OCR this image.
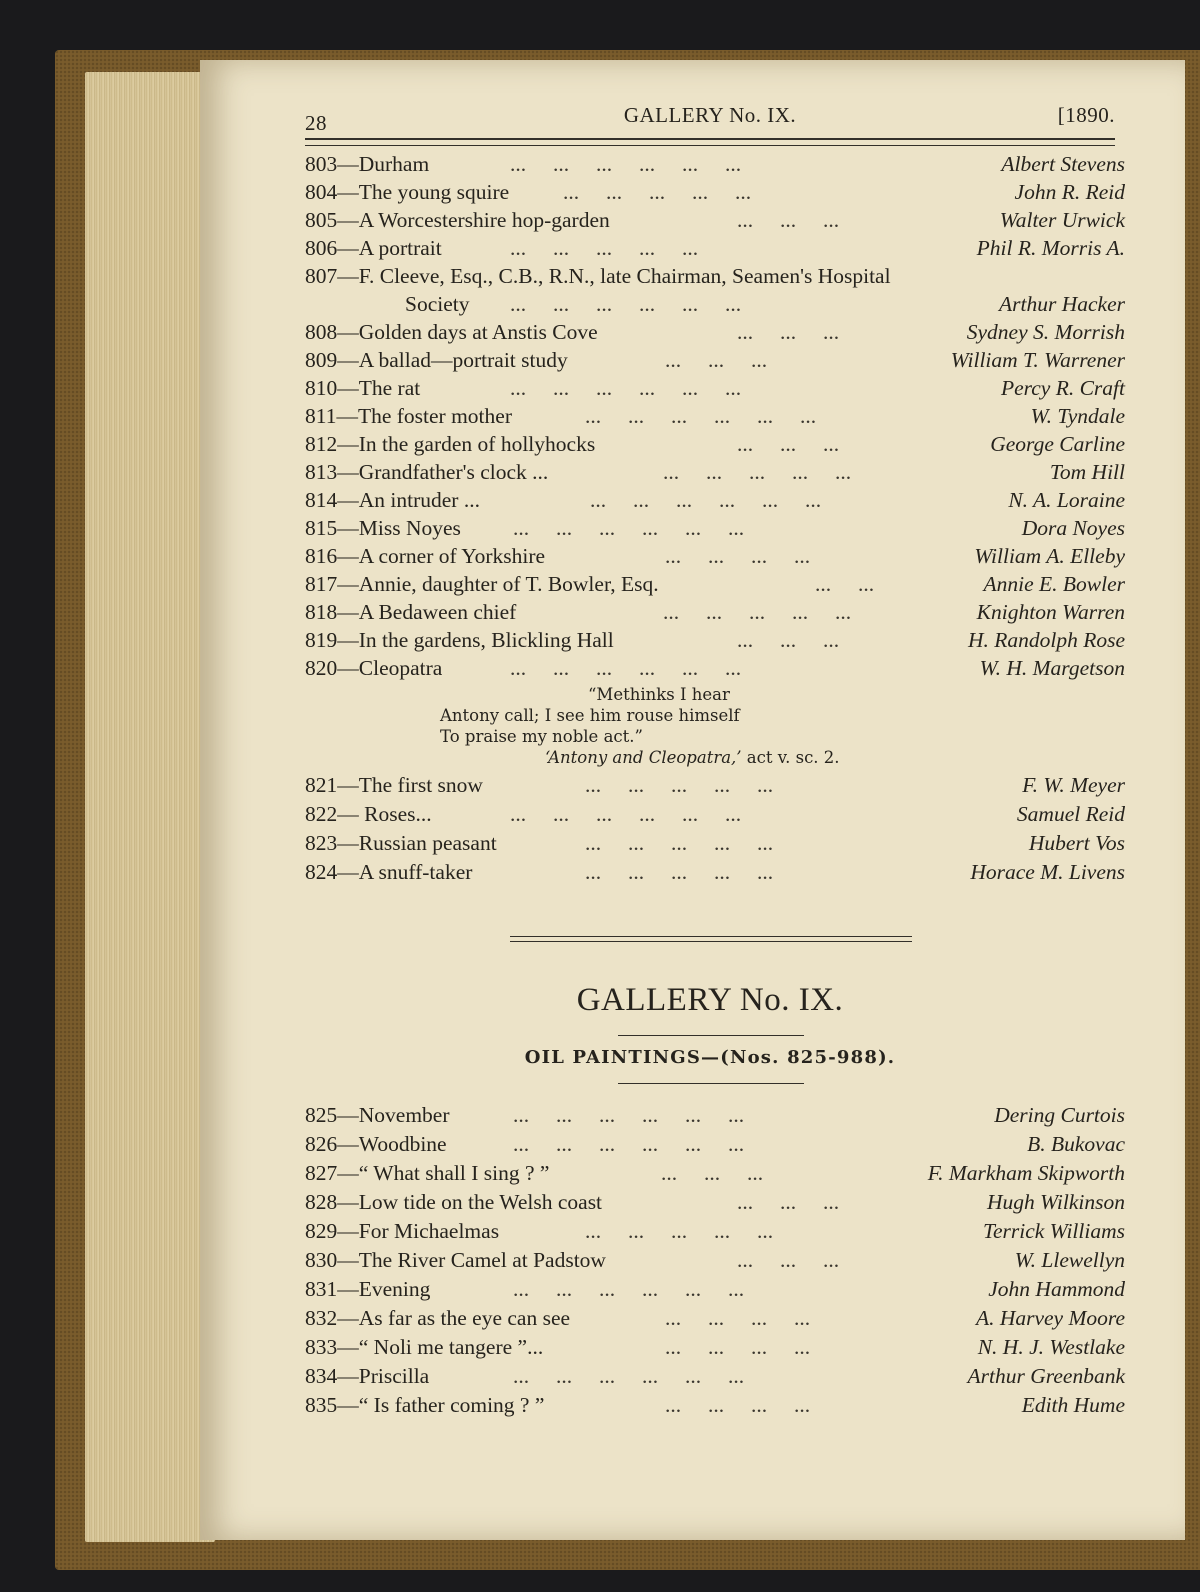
28	GALLERY No. IX.	[1890.
803—Durham	...     ...     ...     ...     ...     ...	Albert Stevens
804—The young squire	...     ...     ...     ...     ...	John R. Reid
805—A Worcestershire hop-garden	...     ...     ...	Walter Urwick
806—A portrait	...     ...     ...     ...     ...	Phil R. Morris A.
807—F. Cleeve, Esq., C.B., R.N., late Chairman, Seamen's Hospital
Society ...     ...     ...     ...     ...     ...	Arthur Hacker
808—Golden days at Anstis Cove	...     ...     ...	Sydney S. Morrish
809—A ballad—portrait study	...     ...     ...	William T. Warrener
810—The rat	...     ...     ...     ...     ...     ...	Percy R. Craft
811—The foster mother	...     ...     ...     ...     ...     ...	W. Tyndale
812—In the garden of hollyhocks	...     ...     ...	George Carline
813—Grandfather's clock ...	...     ...     ...     ...     ...	Tom Hill
814—An intruder ...	...     ...     ...     ...     ...     ...	N. A. Loraine
815—Miss Noyes ...     ...     ...     ...     ...     ...	Dora Noyes
816—A corner of Yorkshire	...     ...     ...     ...	William A. Elleby
817—Annie, daughter of T. Bowler, Esq.	...     ...	Annie E. Bowler
818—A Bedaween chief	...     ...     ...     ...     ...	Knighton Warren
819—In the gardens, Blickling Hall	...     ...     ...	H. Randolph Rose
820—Cleopatra	...     ...     ...     ...     ...     ...	W. H. Margetson
“Methinks I hear
Antony call; I see him rouse himself
To praise my noble act.”
‘Antony and Cleopatra,’ act v. sc. 2.
821—The first snow	...     ...     ...     ...     ...	F. W. Meyer
822— Roses...	...     ...     ...     ...     ...     ...	Samuel Reid
823—Russian peasant	...     ...     ...     ...     ...	Hubert Vos
824—A snuff-taker	...     ...     ...     ...     ...	Horace M. Livens
GALLERY No. IX.
OIL PAINTINGS—(Nos. 825-988).
825—November	...     ...     ...     ...     ...     ...	Dering Curtois
826—Woodbine	...     ...     ...     ...     ...     ...	B. Bukovac
827—“ What shall I sing ? ”	...     ...     ...	F. Markham Skipworth
828—Low tide on the Welsh coast	...     ...     ...	Hugh Wilkinson
829—For Michaelmas	...     ...     ...     ...     ...	Terrick Williams
830—The River Camel at Padstow	...     ...     ...	W. Llewellyn
831—Evening	...     ...     ...     ...     ...     ...	John Hammond
832—As far as the eye can see	...     ...     ...     ...	A. Harvey Moore
833—“ Noli me tangere ”...	...     ...     ...     ...	N. H. J. Westlake
834—Priscilla	...     ...     ...     ...     ...     ...	Arthur Greenbank
835—“ Is father coming ? ”	...     ...     ...     ...	Edith Hume
